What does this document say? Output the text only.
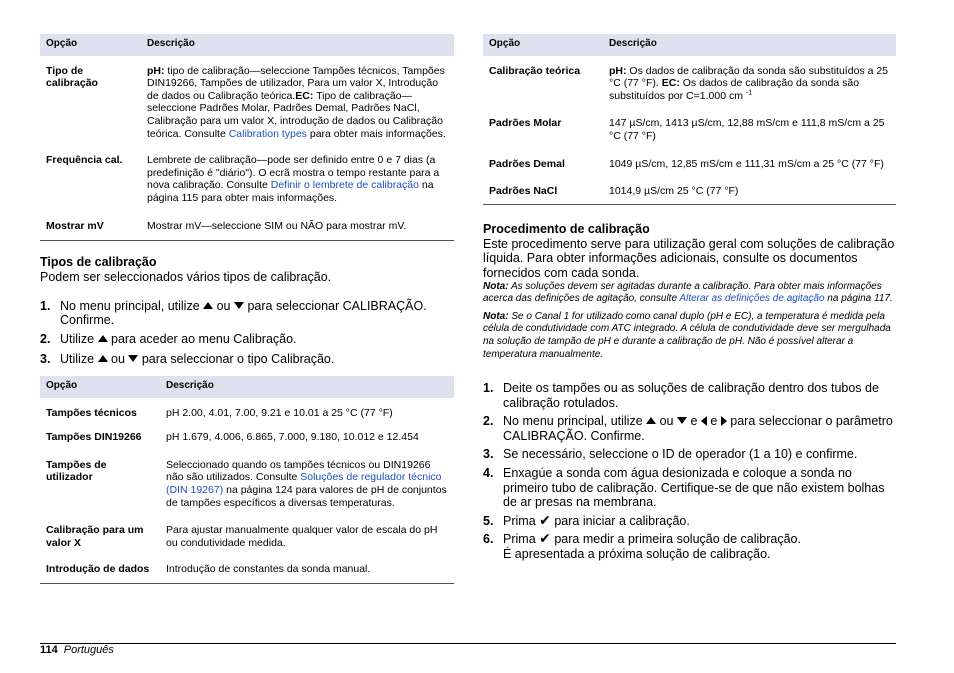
Opção	Descrição
Tipo de calibração	pH: tipo de calibração—seleccione Tampões técnicos, Tampões DIN19266, Tampões de utilizador, Para um valor X, Introdução de dados ou Calibração teórica.EC: Tipo de calibração—seleccione Padrões Molar, Padrões Demal, Padrões NaCl, Calibração para um valor X, introdução de dados ou Calibração teórica. Consulte Calibration types para obter mais informações.
Frequência cal.	Lembrete de calibração—pode ser definido entre 0 e 7 dias (a predefinição é "diário"). O ecrã mostra o tempo restante para a nova calibração. Consulte Definir o lembrete de calibração na página 115 para obter mais informações.
Mostrar mV	Mostrar mV—seleccione SIM ou NÃO para mostrar mV.
Tipos de calibração

Podem ser seleccionados vários tipos de calibração.

1. No menu principal, utilize  ou  para seleccionar CALIBRAÇÃO. Confirme.
2. Utilize  para aceder ao menu Calibração.
3. Utilize  ou  para seleccionar o tipo Calibração.
Opção	Descrição
Tampões técnicos	pH 2.00, 4.01, 7.00, 9.21 e 10.01 a 25 °C (77 °F)
Tampões DIN19266	pH 1.679, 4.006, 6.865, 7.000, 9.180, 10.012 e 12.454
Tampões de utilizador	Seleccionado quando os tampões técnicos ou DIN19266 não são utilizados. Consulte Soluções de regulador técnico (DIN 19267) na página 124 para valores de pH de conjuntos de tampões específicos a diversas temperaturas.
Calibração para um valor X	Para ajustar manualmente qualquer valor de escala do pH ou condutividade medida.
Introdução de dados	Introdução de constantes da sonda manual.
Opção	Descrição
Calibração teórica	pH: Os dados de calibração da sonda são substituídos a 25 °C (77 °F). EC: Os dados de calibração da sonda são substituídos por C=1.000 cm $^{-1}$
Padrões Molar	147 µS/cm, 1413 µS/cm, 12,88 mS/cm e 111,8 mS/cm a 25 °C (77 °F)
Padrões Demal	1049 µS/cm, 12,85 mS/cm e 111,31 mS/cm a 25 °C (77 °F)
Padrões NaCl	1014,9 µS/cm 25 °C (77 °F)
Procedimento de calibração

Este procedimento serve para utilização geral com soluções de calibração líquida. Para obter informações adicionais, consulte os documentos fornecidos com cada sonda.

Nota: As soluções devem ser agitadas durante a calibração. Para obter mais informações acerca das definições de agitação, consulte Alterar as definições de agitação na página 117.

Nota: Se o Canal 1 for utilizado como canal duplo (pH e EC), a temperatura é medida pela célula de condutividade com ATC integrado. A célula de condutividade deve ser mergulhada na solução de tampão de pH e durante a calibração de pH. Não é possível alterar a temperatura manualmente.

1. Deite os tampões ou as soluções de calibração dentro dos tubos de calibração rotulados.
2. No menu principal, utilize  ou  e  e  para seleccionar o parâmetro CALIBRAÇÃO. Confirme.
3. Se necessário, seleccione o ID de operador (1 a 10) e confirme.
4. Enxagúe a sonda com água desionizada e coloque a sonda no primeiro tubo de calibração. Certifique-se de que não existem bolhas de ar presas na membrana.
5. Prima ✔ para iniciar a calibração.
6. Prima ✔ para medir a primeira solução de calibração.
É apresentada a próxima solução de calibração.
114 Português
